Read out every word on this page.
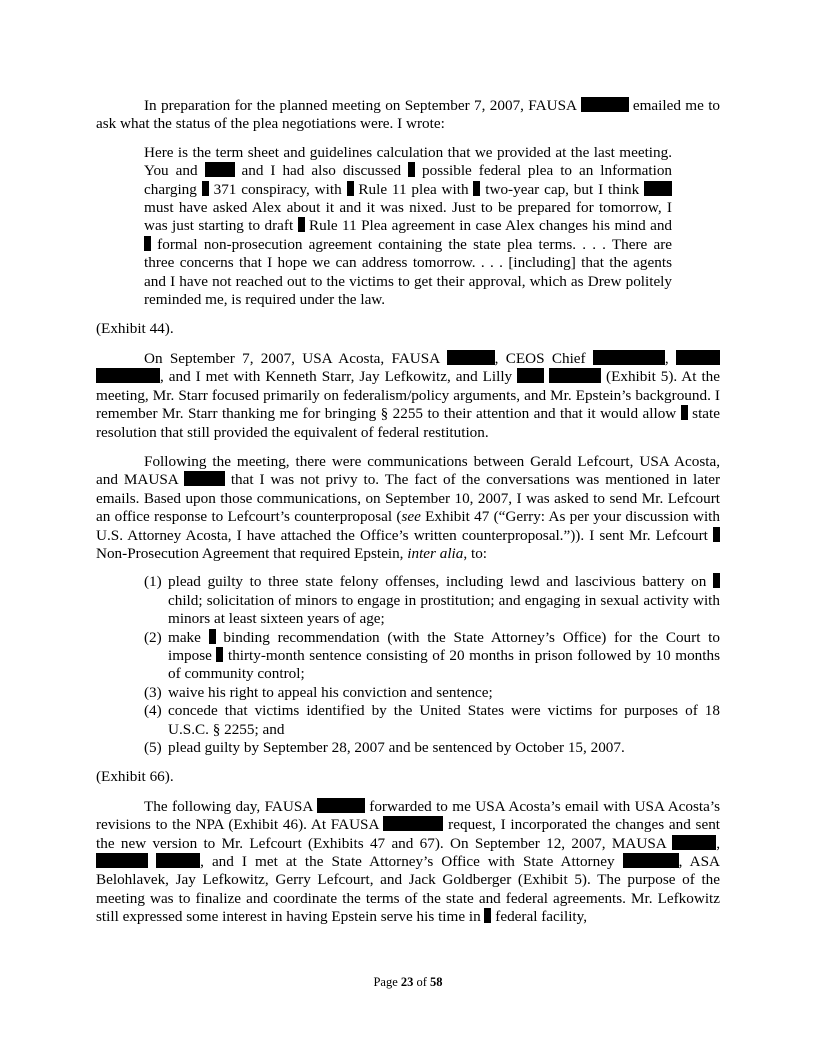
In preparation for the planned meeting on September 7, 2007, FAUSA	emailed me to ask what the status of the plea negotiations were. I wrote:

Here is the term sheet and guidelines calculation that we provided at the last meeting. You and	and I had also discussed possible federal plea to an lnformation charging 371 conspiracy, with Rule 11 plea with two-year cap, but I think  must have asked Alex about it and it was nixed. Just to be prepared for tomorrow, I was just starting to draft Rule 11 Plea agreement in case Alex changes his mind and  formal non-prosecution agreement containing the state plea terms. . . . There are three concerns that I hope we can address tomorrow. . . . [including] that the agents and I have not reached out to the victims to get their approval, which as Drew politely reminded me, is required under the law.

(Exhibit 44).

On September 7, 2007, USA Acosta, FAUSA	, CEOS Chief	,  , and I met with Kenneth Starr, Jay Lefkowitz, and Lilly	(Exhibit 5). At the meeting, Mr. Starr focused primarily on federalism/policy arguments, and Mr. Epstein’s background. I remember Mr. Starr thanking me for bringing § 2255 to their attention and that it would allow state resolution that still provided the equivalent of federal restitution.

Following the meeting, there were communications between Gerald Lefcourt, USA Acosta, and MAUSA	that I was not privy to. The fact of the conversations was mentioned in later emails. Based upon those communications, on September 10, 2007, I was asked to send Mr. Lefcourt an office response to Lefcourt’s counterproposal (see Exhibit 47 (“Gerry: As per your discussion with U.S. Attorney Acosta, I have attached the Office’s written counterproposal.”)). I sent Mr. Lefcourt  Non-Prosecution Agreement that required Epstein, inter alia, to:

(1) plead guilty to three state felony offenses, including lewd and lascivious battery on  child; solicitation of minors to engage in prostitution; and engaging in sexual activity with minors at least sixteen years of age;
(2) make binding recommendation (with the State Attorney’s Office) for the Court to impose thirty-month sentence consisting of 20 months in prison followed by 10 months of community control;
(3) waive his right to appeal his conviction and sentence;
(4) concede that victims identified by the United States were victims for purposes of 18 U.S.C. § 2255; and
(5) plead guilty by September 28, 2007 and be sentenced by October 15, 2007.

(Exhibit 66).

The following day, FAUSA	forwarded to me USA Acosta’s email with USA Acosta’s revisions to the NPA (Exhibit 46). At FAUSA	request, I incorporated the changes and sent the new version to Mr. Lefcourt (Exhibits 47 and 67). On September 12, 2007, MAUSA	,  , and I met at the State Attorney’s Office with State Attorney	, ASA Belohlavek, Jay Lefkowitz, Gerry Lefcourt, and Jack Goldberger (Exhibit 5). The purpose of the meeting was to finalize and coordinate the terms of the state and federal agreements. Mr. Lefkowitz still expressed some interest in having Epstein serve his time in federal facility,

Page 23 of 58
